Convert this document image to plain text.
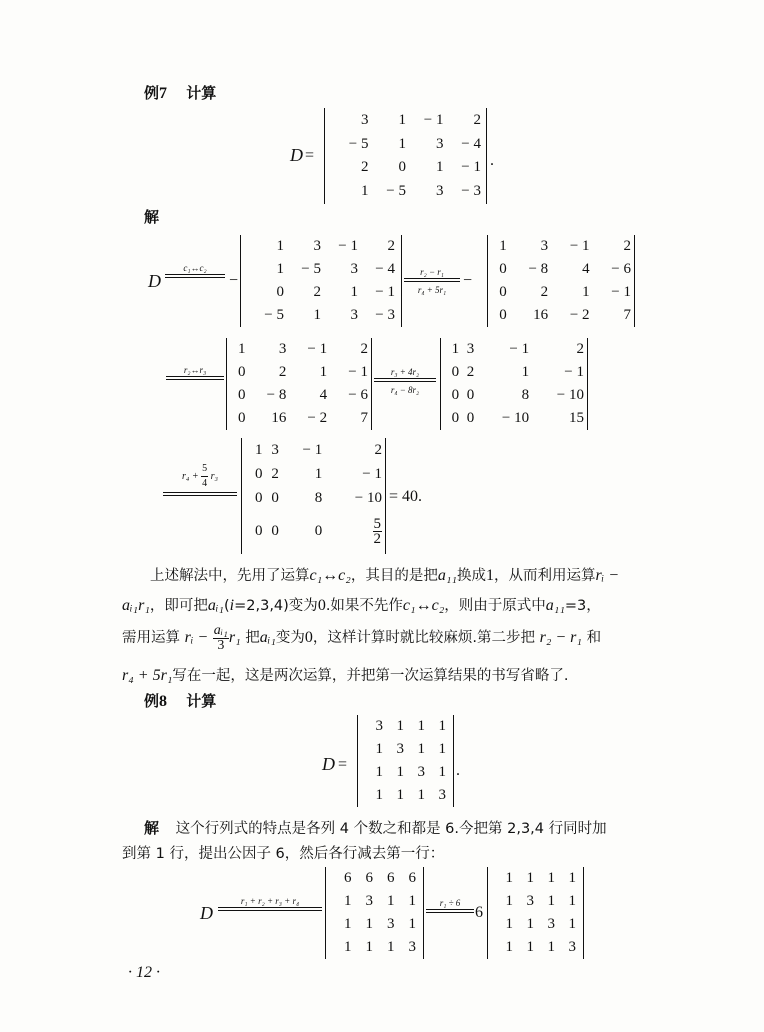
例7 计算
D =
3	1	− 1	2
− 5	1	3	− 4
2	0	1	− 1
1	− 5	3	− 3
.
解
D
c₁↔c₂
−
1	3	− 1	2
1	− 5	3	− 4
0	2	1	− 1
− 5	1	3	− 3
r₂ − r₁
r₄ + 5r₁
−
1	3	− 1	2
0	− 8	4	− 6
0	2	1	− 1
0	16	− 2	7
r₂↔r₃
1	3	− 1	2
0	2	1	− 1
0	− 8	4	− 6
0	16	− 2	7
r₃ + 4r₂
r₄ − 8r₂
1	3	− 1	2
0	2	1	− 1
0	0	8	− 10
0	0	− 10	15
$r_4 + \frac{5}{4} r_3$
1	3	− 1	2
0	2	1	− 1
0	0	8	− 10
0	0	0	$\frac{5}{2}$
= 40.
上述解法中，先用了运算c₁↔c₂，其目的是把a₁₁换成1，从而利用运算rᵢ −
aᵢ₁r₁，即可把aᵢ₁(i=2,3,4)变为0.如果不先作c₁↔c₂，则由于原式中a₁₁=3，
需用运算 rᵢ − $\frac{\text{aᵢ₁}}{3} r_1$ 把aᵢ₁变为0，这样计算时就比较麻烦.第二步把 r₂ − r₁ 和
r₄ + 5r₁写在一起，这是两次运算，并把第一次运算结果的书写省略了.
例8 计算
D =
3	1	1	1
1	3	1	1
1	1	3	1
1	1	1	3
.
解 这个行列式的特点是各列 4 个数之和都是 6.今把第 2,3,4 行同时加
到第 1 行，提出公因子 6，然后各行减去第一行：
D
r₁ + r₂ + r₃ + r₄
6	6	6	6
1	3	1	1
1	1	3	1
1	1	1	3
r₁ ÷ 6
6
1	1	1	1
1	3	1	1
1	1	3	1
1	1	1	3
· 12 ·
